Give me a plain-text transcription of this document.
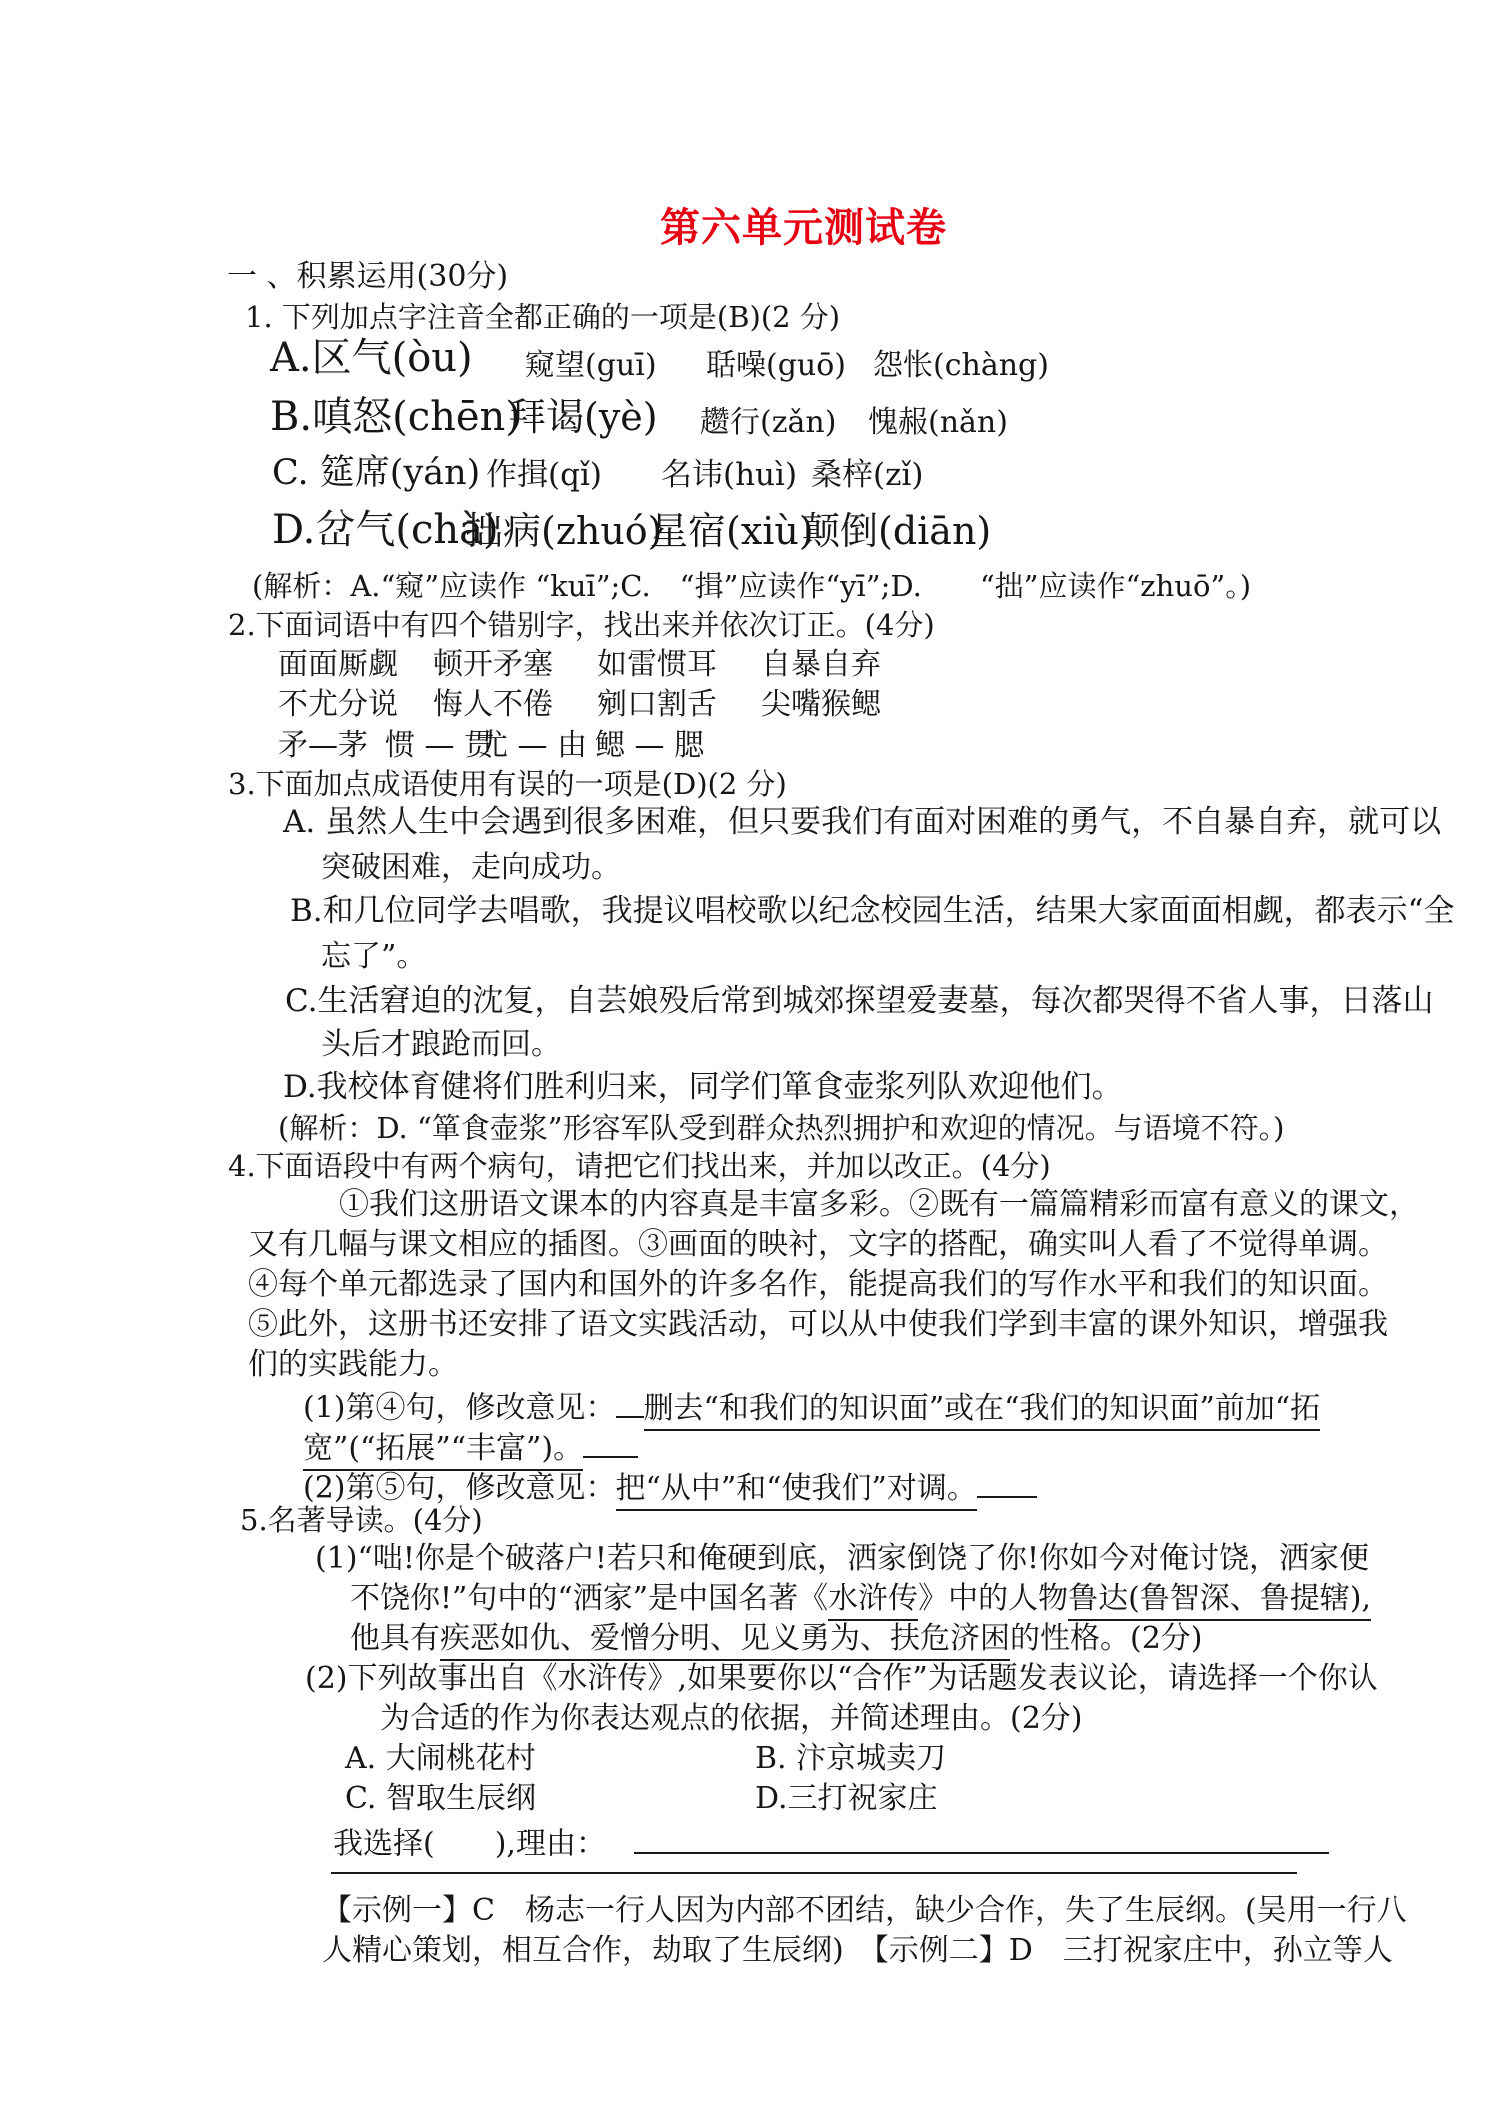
第六单元测试卷
一 、积累运用(30分)
1. 下列加点字注音全都正确的一项是(B)(2 分)
A.区气(òu) 窥望(guī) 聒噪(guō) 怨怅(chàng)
B.嗔怒(chēn)
拜谒(yè) 趱行(zǎn) 愧赧(nǎn)
C. 筵席(yán) 作揖(qǐ) 名讳(huì) 桑梓(zǐ)
D.岔气(chà)
拙病(zhuó)
星宿(xiù)
颠倒(diān)
(解析：A.“窥”应读作 “kuī”;C.　“揖”应读作“yī”;D.　　“拙”应读作“zhuō”。)
2.下面词语中有四个错别字，找出来并依次订正。(4分)
面面厮觑 顿开矛塞 如雷惯耳 自暴自弃
不尤分说 悔人不倦 剜口割舌 尖嘴猴鳃
矛—茅 惯 — 贯
尤 — 由 鳃 — 腮
3.下面加点成语使用有误的一项是(D)(2 分)
A. 虽然人生中会遇到很多困难，但只要我们有面对困难的勇气，不自暴自弃，就可以
突破困难，走向成功。
B.和几位同学去唱歌，我提议唱校歌以纪念校园生活，结果大家面面相觑，都表示“全
忘了”。
C.生活窘迫的沈复，自芸娘殁后常到城郊探望爱妻墓，每次都哭得不省人事，日落山
头后才踉跄而回。
D.我校体育健将们胜利归来，同学们箪食壶浆列队欢迎他们。
(解析：D. “箪食壶浆”形容军队受到群众热烈拥护和欢迎的情况。与语境不符。)
4.下面语段中有两个病句，请把它们找出来，并加以改正。(4分)
①我们这册语文课本的内容真是丰富多彩。②既有一篇篇精彩而富有意义的课文，
又有几幅与课文相应的插图。③画面的映衬，文字的搭配，确实叫人看了不觉得单调。
④每个单元都选录了国内和国外的许多名作，能提高我们的写作水平和我们的知识面。
⑤此外，这册书还安排了语文实践活动，可以从中使我们学到丰富的课外知识，增强我
们的实践能力。
(1)第④句，修改意见： 删去“和我们的知识面”或在“我们的知识面”前加“拓
宽”(“拓展”“丰富”)。
(2)第⑤句，修改意见：把“从中”和“使我们”对调。
5.名著导读。(4分)
(1)“咄!你是个破落户!若只和俺硬到底，洒家倒饶了你!你如今对俺讨饶，洒家便
不饶你!”句中的“洒家”是中国名著《水浒传》中的人物鲁达(鲁智深、鲁提辖),
他具有疾恶如仇、爱憎分明、见义勇为、扶危济困的性格。(2分)
(2)下列故事出自《水浒传》,如果要你以“合作”为话题发表议论，请选择一个你认
为合适的作为你表达观点的依据，并简述理由。(2分)
A. 大闹桃花村	B. 汴京城卖刀
C. 智取生辰纲	D.三打祝家庄
我选择(　　),理由：
【示例一】C　杨志一行人因为内部不团结，缺少合作，失了生辰纲。(吴用一行八
人精心策划，相互合作，劫取了生辰纲)　【示例二】D　三打祝家庄中，孙立等人
